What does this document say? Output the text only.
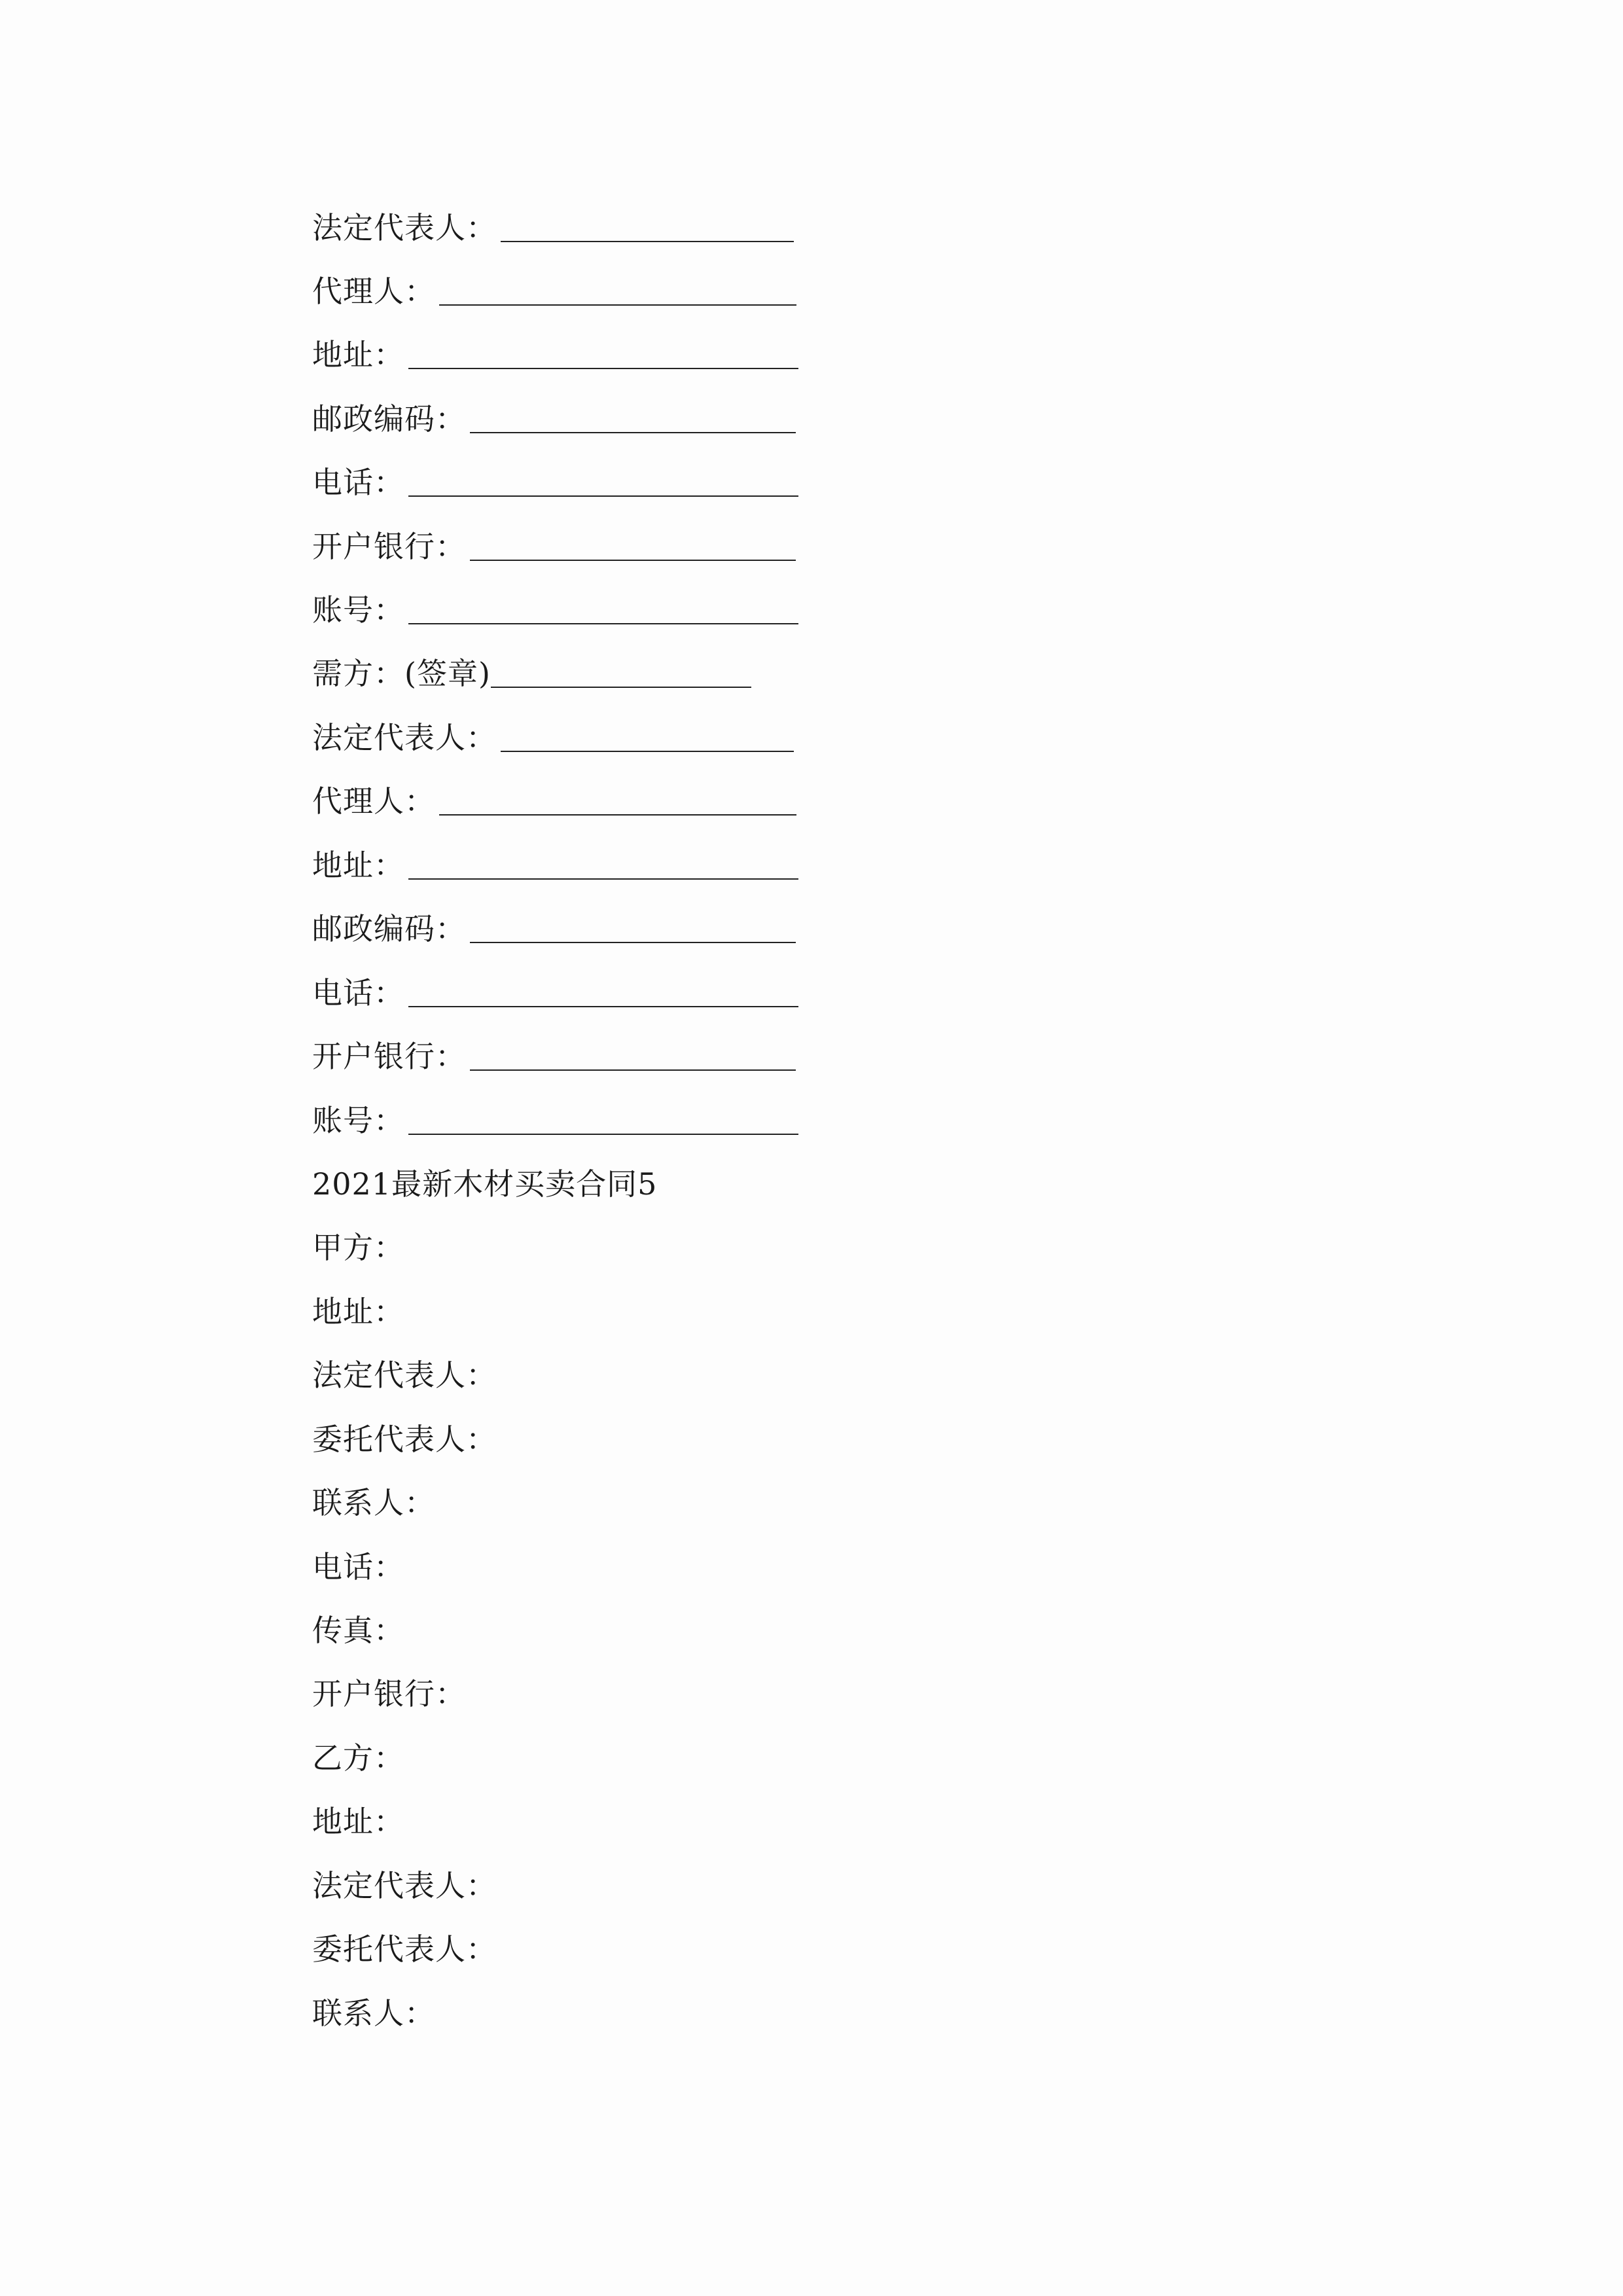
法定代表人：
代理人：
地址：
邮政编码：
电话：
开户银行：
账号：
需方：(签章)
法定代表人：
代理人：
地址：
邮政编码：
电话：
开户银行：
账号：
2021最新木材买卖合同5
甲方：
地址：
法定代表人：
委托代表人：
联系人：
电话：
传真：
开户银行：
乙方：
地址：
法定代表人：
委托代表人：
联系人：
